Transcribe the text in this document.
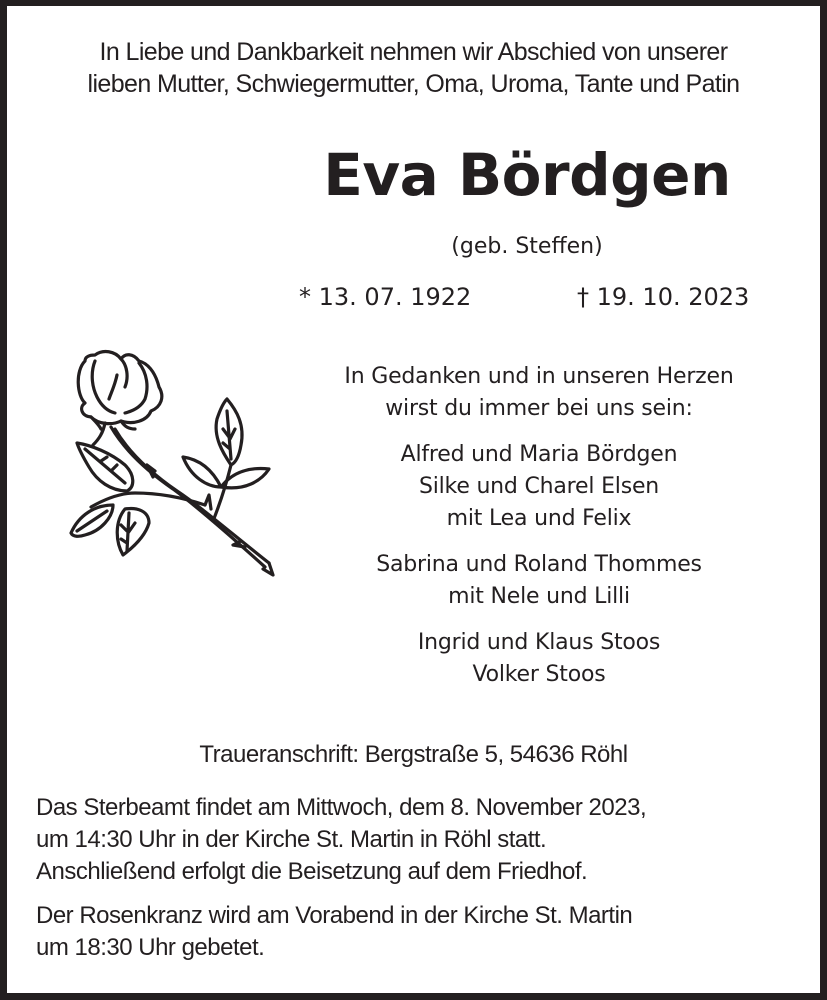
In Liebe und Dankbarkeit nehmen wir Abschied von unserer
lieben Mutter, Schwiegermutter, Oma, Uroma, Tante und Patin
Eva Bördgen
(geb. Steffen)
* 13. 07. 1922	† 19. 10. 2023
In Gedanken und in unseren Herzen
wirst du immer bei uns sein:
Alfred und Maria Bördgen
Silke und Charel Elsen
mit Lea und Felix
Sabrina und Roland Thommes
mit Nele und Lilli
Ingrid und Klaus Stoos
Volker Stoos
Traueranschrift: Bergstraße 5, 54636 Röhl

Das Sterbeamt findet am Mittwoch, dem 8. November 2023,
um 14:30 Uhr in der Kirche St. Martin in Röhl statt.
Anschließend erfolgt die Beisetzung auf dem Friedhof.

Der Rosenkranz wird am Vorabend in der Kirche St. Martin
um 18:30 Uhr gebetet.
